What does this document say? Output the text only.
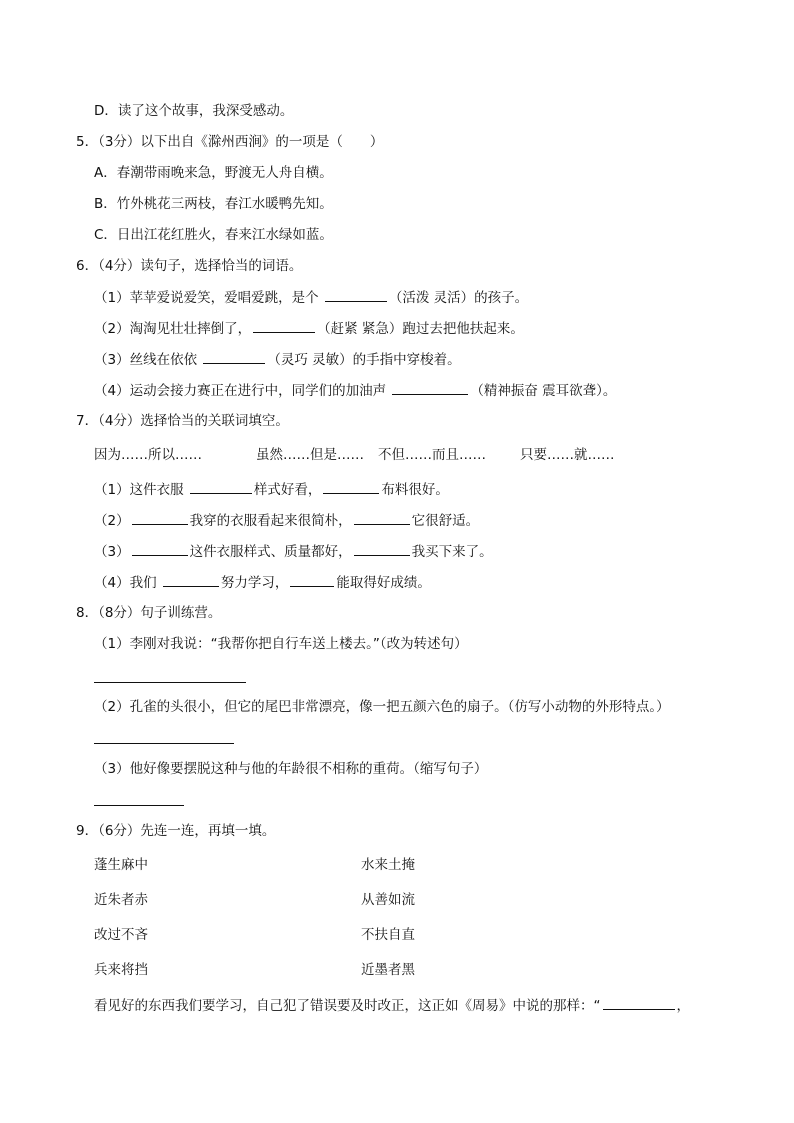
D．读了这个故事，我深受感动。
5．（3分）以下出自《滁州西涧》的一项是（　　）
A．春潮带雨晚来急，野渡无人舟自横。
B．竹外桃花三两枝，春江水暖鸭先知。
C．日出江花红胜火，春来江水绿如蓝。
6．（4分）读句子，选择恰当的词语。
（1）苹苹爱说爱笑，爱唱爱跳，是个	（活泼 灵活）的孩子。
（2）淘淘见壮壮摔倒了，	（赶紧 紧急）跑过去把他扶起来。
（3）丝线在依依	（灵巧 灵敏）的手指中穿梭着。
（4）运动会接力赛正在进行中，同学们的加油声	（精神振奋 震耳欲聋）。
7．（4分）选择恰当的关联词填空。
因为……所以……	虽然……但是…… 不但……而且……	只要……就……
（1）这件衣服	样式好看，	布料很好。
（2）	我穿的衣服看起来很简朴，	它很舒适。
（3）	这件衣服样式、质量都好，	我买下来了。
（4）我们	努力学习，	能取得好成绩。
8．（8分）句子训练营。
（1）李刚对我说：“我帮你把自行车送上楼去。”（改为转述句）
（2）孔雀的头很小，但它的尾巴非常漂亮，像一把五颜六色的扇子。（仿写小动物的外形特点。）
（3）他好像要摆脱这种与他的年龄很不相称的重荷。（缩写句子）
9．（6分）先连一连，再填一填。
蓬生麻中
近朱者赤
改过不吝
兵来将挡
水来土掩
从善如流
不扶自直
近墨者黑
看见好的东西我们要学习，自己犯了错误要及时改正，这正如《周易》中说的那样：“	，
